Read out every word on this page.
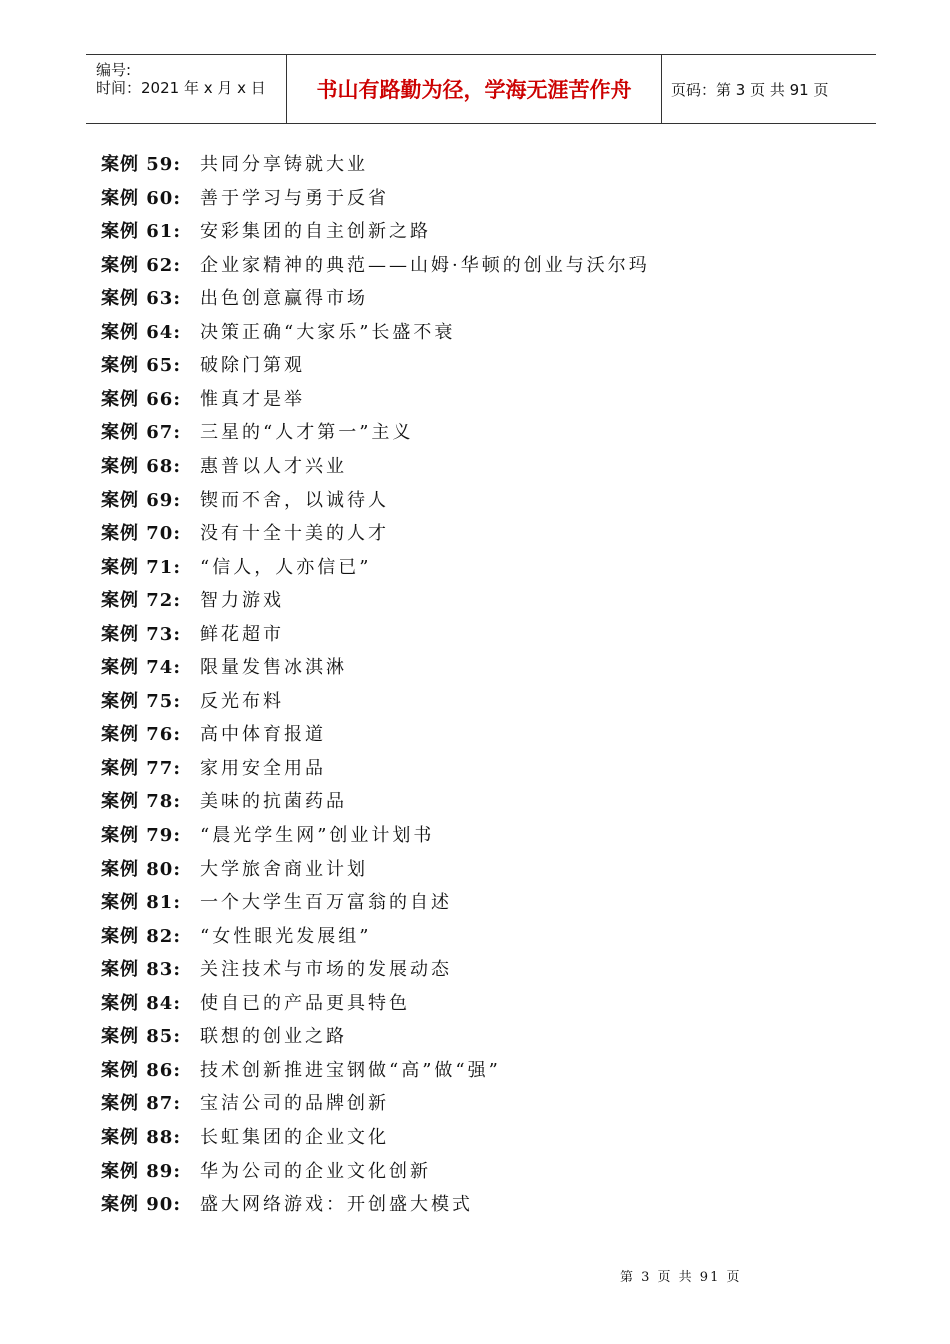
编号:
时间：2021 年 x 月 x 日 书山有路勤为径，学海无涯苦作舟	页码：第 3 页 共 91 页
案例 59: 共同分享铸就大业
案例 60: 善于学习与勇于反省
案例 61: 安彩集团的自主创新之路
案例 62: 企业家精神的典范——山姆·华顿的创业与沃尔玛
案例 63: 出色创意赢得市场
案例 64: 决策正确“大家乐”长盛不衰
案例 65: 破除门第观
案例 66: 惟真才是举
案例 67: 三星的“人才第一”主义
案例 68: 惠普以人才兴业
案例 69: 锲而不舍，以诚待人
案例 70: 没有十全十美的人才
案例 71: “信人，人亦信已”
案例 72: 智力游戏
案例 73: 鲜花超市
案例 74: 限量发售冰淇淋
案例 75: 反光布料
案例 76: 高中体育报道
案例 77: 家用安全用品
案例 78: 美味的抗菌药品
案例 79: “晨光学生网”创业计划书
案例 80: 大学旅舍商业计划
案例 81: 一个大学生百万富翁的自述
案例 82: “女性眼光发展组”
案例 83: 关注技术与市场的发展动态
案例 84: 使自已的产品更具特色
案例 85: 联想的创业之路
案例 86: 技术创新推进宝钢做“高”做“强”
案例 87: 宝洁公司的品牌创新
案例 88: 长虹集团的企业文化
案例 89: 华为公司的企业文化创新
案例 90: 盛大网络游戏：开创盛大模式
第 3 页 共 91 页
